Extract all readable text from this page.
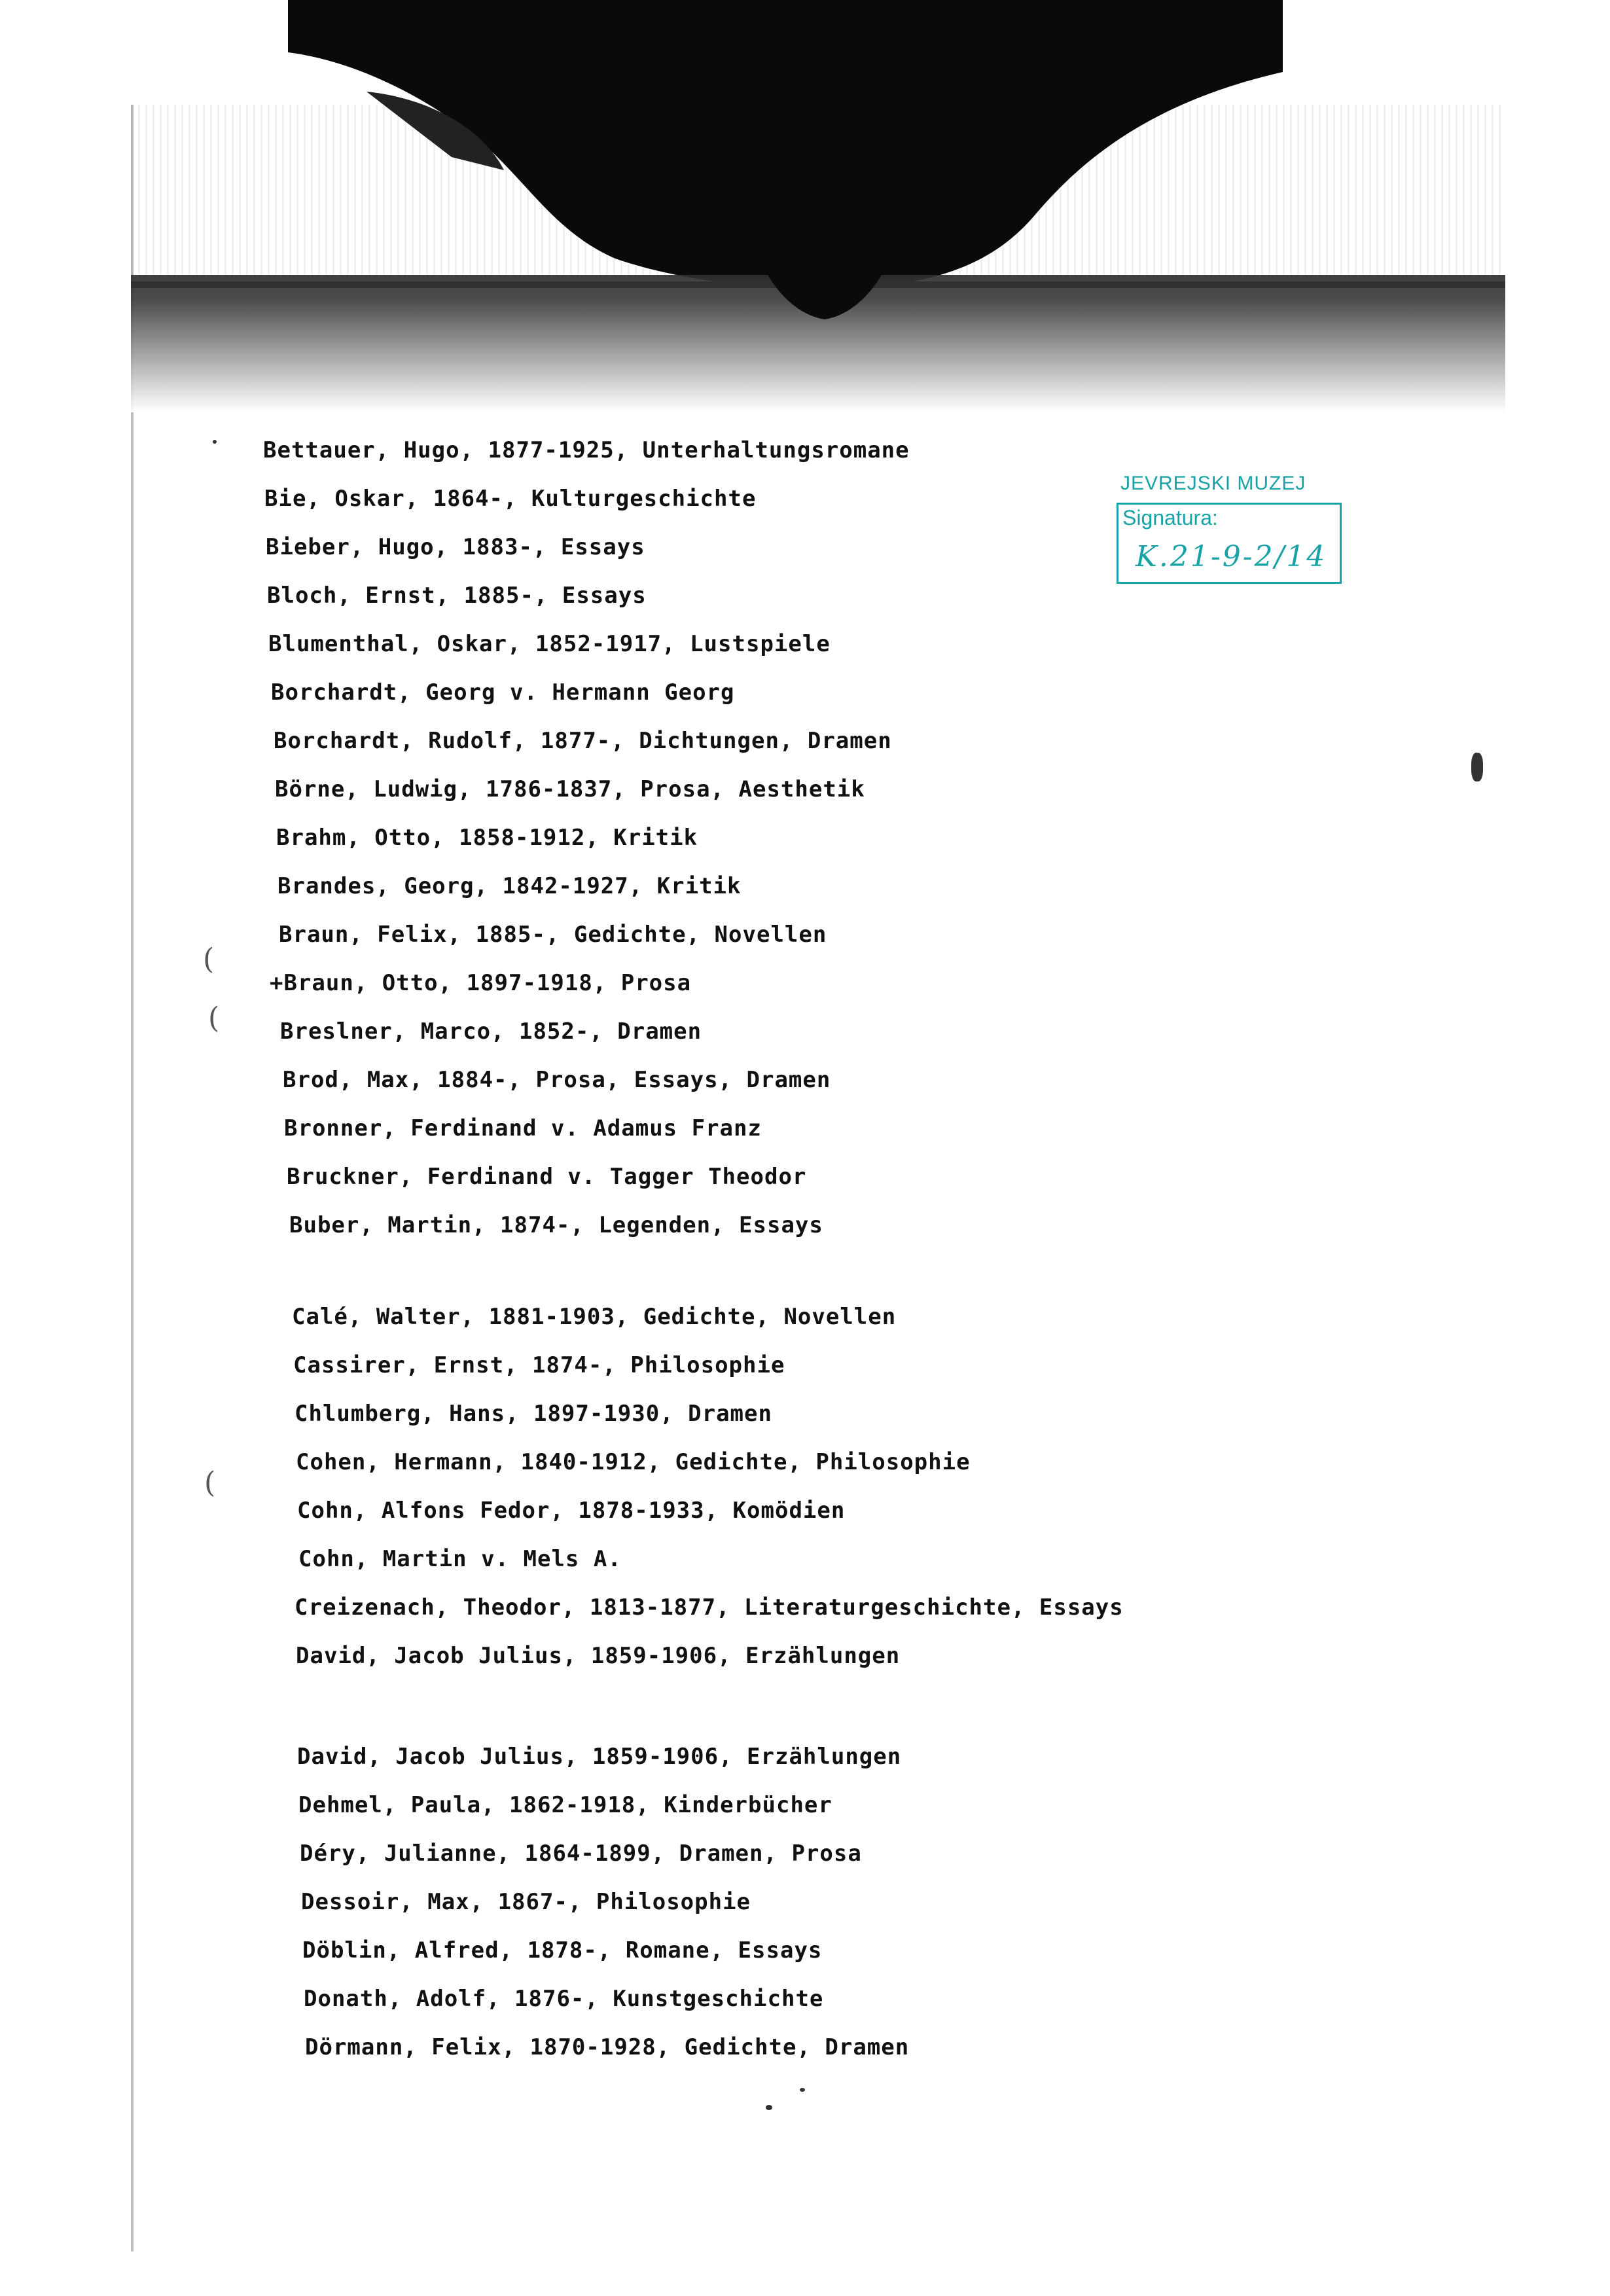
Bettauer, Hugo, 1877-1925, Unterhaltungsromane
Bie, Oskar, 1864-, Kulturgeschichte
Bieber, Hugo, 1883-, Essays
Bloch, Ernst, 1885-, Essays
Blumenthal, Oskar, 1852-1917, Lustspiele
Borchardt, Georg v. Hermann Georg
Borchardt, Rudolf, 1877-, Dichtungen, Dramen
Börne, Ludwig, 1786-1837, Prosa, Aesthetik
Brahm, Otto, 1858-1912, Kritik
Brandes, Georg, 1842-1927, Kritik
Braun, Felix, 1885-, Gedichte, Novellen
+Braun, Otto, 1897-1918, Prosa
Breslner, Marco, 1852-, Dramen
Brod, Max, 1884-, Prosa, Essays, Dramen
Bronner, Ferdinand v. Adamus Franz
Bruckner, Ferdinand v. Tagger Theodor
Buber, Martin, 1874-, Legenden, Essays
Calé, Walter, 1881-1903, Gedichte, Novellen
Cassirer, Ernst, 1874-, Philosophie
Chlumberg, Hans, 1897-1930, Dramen
Cohen, Hermann, 1840-1912, Gedichte, Philosophie
Cohn, Alfons Fedor, 1878-1933, Komödien
Cohn, Martin v. Mels A.
Creizenach, Theodor, 1813-1877, Literaturgeschichte, Essays
David, Jacob Julius, 1859-1906, Erzählungen
David, Jacob Julius, 1859-1906, Erzählungen
Dehmel, Paula, 1862-1918, Kinderbücher
Déry, Julianne, 1864-1899, Dramen, Prosa
Dessoir, Max, 1867-, Philosophie
Döblin, Alfred, 1878-, Romane, Essays
Donath, Adolf, 1876-, Kunstgeschichte
Dörmann, Felix, 1870-1928, Gedichte, Dramen
(
(
(
JEVREJSKI MUZEJ
Signatura:
K.21-9-2/14
